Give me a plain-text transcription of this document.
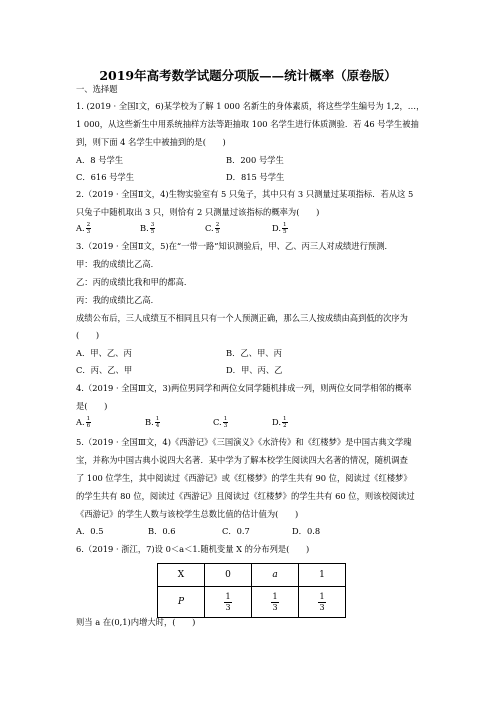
2019年高考数学试题分项版——统计概率（原卷版）
一、选择题
1. (2019 · 全国Ⅰ文，6)某学校为了解 1 000 名新生的身体素质，将这些学生编号为 1,2，…，
1 000，从这些新生中用系统抽样方法等距抽取 100 名学生进行体质测验．若 46 号学生被抽
到，则下面 4 名学生中被抽到的是(　　)
A．8 号学生	B．200 号学生
C．616 号学生	D．815 号学生
2.（2019 · 全国Ⅱ文，4)生物实验室有 5 只兔子，其中只有 3 只测量过某项指标．若从这 5
只兔子中随机取出 3 只，则恰有 2 只测量过该指标的概率为(　　)
A. $\frac{2}{3}$	B. $\frac{3}{5}$	C. $\frac{2}{5}$	D. $\frac{1}{5}$
3.（2019 · 全国Ⅱ文，5)在“一带一路”知识测验后，甲、乙、丙三人对成绩进行预测．
甲：我的成绩比乙高．
乙：丙的成绩比我和甲的都高．
丙：我的成绩比乙高．
成绩公布后，三人成绩互不相同且只有一个人预测正确，那么三人按成绩由高到低的次序为
(　　)
A．甲、乙、丙	B．乙、甲、丙
C．丙、乙、甲	D．甲、丙、乙
4.（2019 · 全国Ⅲ文，3)两位男同学和两位女同学随机排成一列，则两位女同学相邻的概率
是(　　)
A. $\frac{1}{6}$	B. $\frac{1}{4}$	C. $\frac{1}{3}$	D. $\frac{1}{2}$
5.（2019 · 全国Ⅲ文，4)《西游记》《三国演义》《水浒传》和《红楼梦》是中国古典文学瑰
宝，并称为中国古典小说四大名著．某中学为了解本校学生阅读四大名著的情况，随机调查
了 100 位学生，其中阅读过《西游记》或《红楼梦》的学生共有 90 位，阅读过《红楼梦》
的学生共有 80 位，阅读过《西游记》且阅读过《红楼梦》的学生共有 60 位，则该校阅读过
《西游记》的学生人数与该校学生总数比值的估计值为(　　)
A．0.5	B．0.6	C．0.7	D．0.8
6.（2019 · 浙江，7)设 0＜a＜1.随机变量 X 的分布列是(　　)
X	0	a	1
P	$\frac{1}{3}$	$\frac{1}{3}$	$\frac{1}{3}$
则当 a 在(0,1)内增大时，(　　)
